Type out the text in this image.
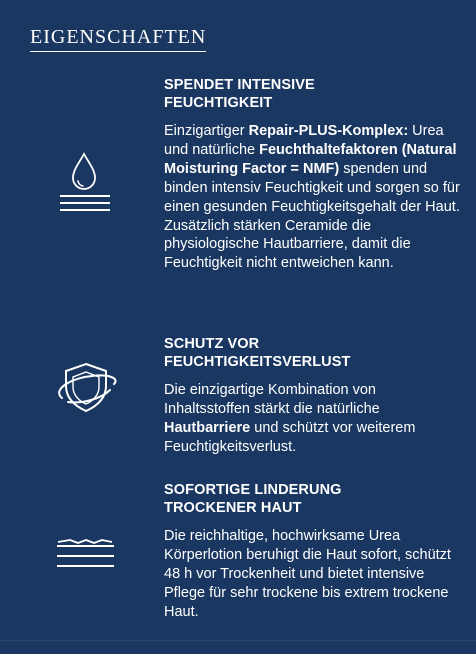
EIGENSCHAFTEN
SPENDET INTENSIVE
FEUCHTIGKEIT

Einzigartiger Repair-PLUS-Komplex: Urea und natürliche Feuchthaltefaktoren (Natural Moisturing Factor = NMF) spenden und binden intensiv Feuchtigkeit und sorgen so für einen gesunden Feuchtigkeitsgehalt der Haut. Zusätzlich stärken Ceramide die physiologische Hautbarriere, damit die Feuchtigkeit nicht entweichen kann.

SCHUTZ VOR
FEUCHTIGKEITSVERLUST

Die einzigartige Kombination von Inhaltsstoffen stärkt die natürliche Hautbarriere und schützt vor weiterem Feuchtigkeitsverlust.

SOFORTIGE LINDERUNG
TROCKENER HAUT

Die reichhaltige, hochwirksame Urea Körperlotion beruhigt die Haut sofort, schützt 48 h vor Trockenheit und bietet intensive Pflege für sehr trockene bis extrem trockene Haut.
